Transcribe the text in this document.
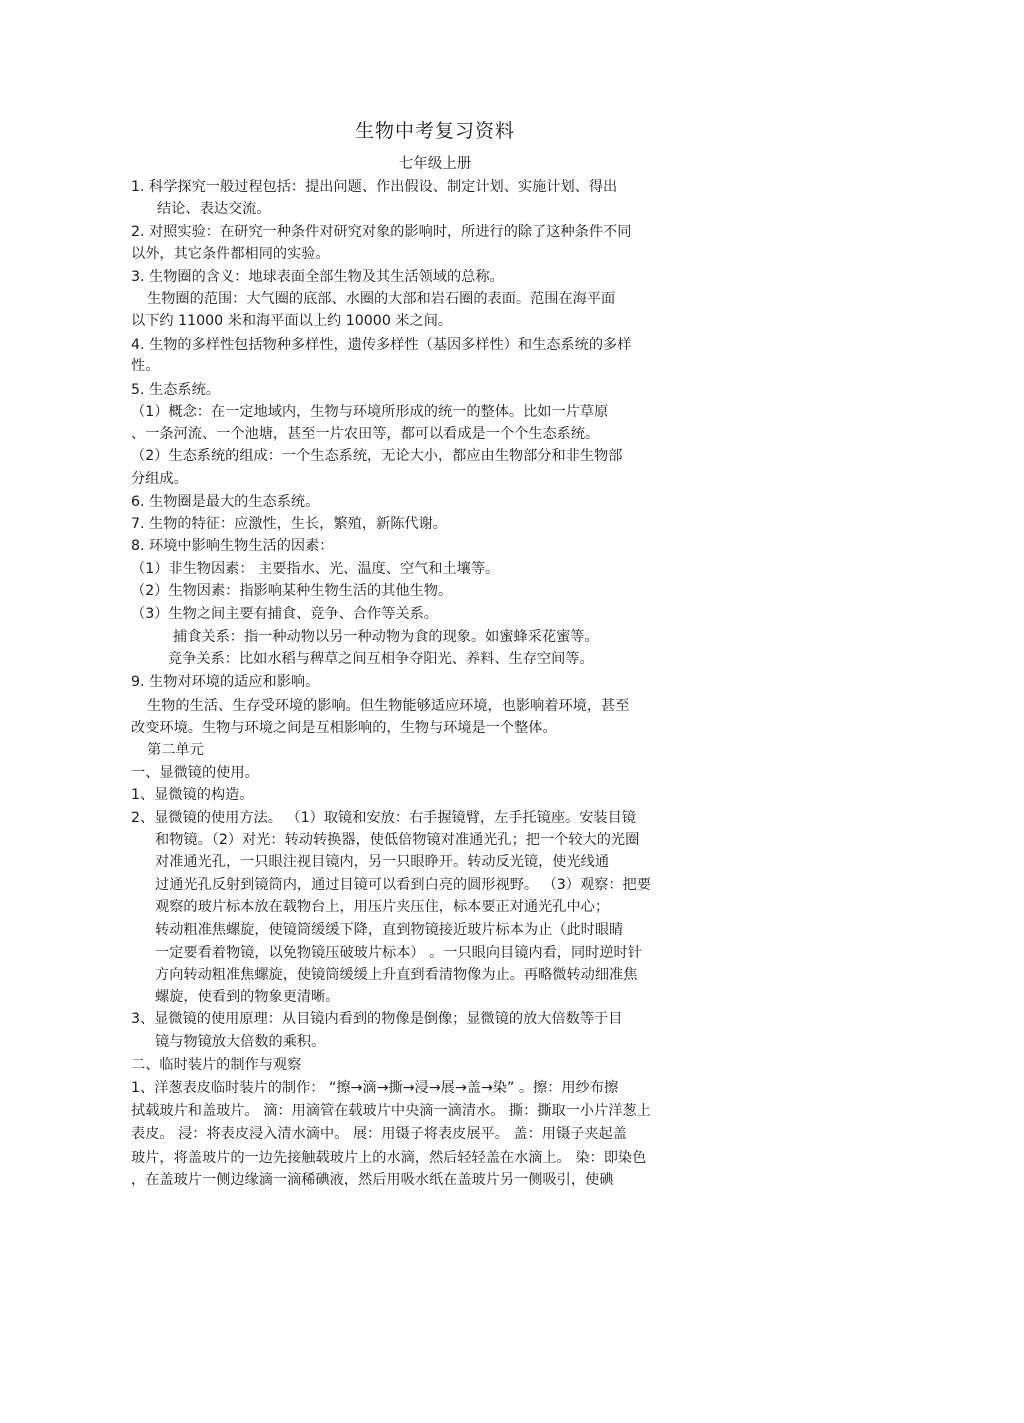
生物中考复习资料
七年级上册
1. 科学探究一般过程包括：提出问题、作出假设、制定计划、实施计划、得出
结论、表达交流。
2. 对照实验：在研究一种条件对研究对象的影响时，所进行的除了这种条件不同
以外，其它条件都相同的实验。
3. 生物圈的含义：地球表面全部生物及其生活领域的总称。
生物圈的范围：大气圈的底部、水圈的大部和岩石圈的表面。范围在海平面
以下约 11000 米和海平面以上约 10000 米之间。
4. 生物的多样性包括物种多样性，遗传多样性（基因多样性）和生态系统的多样
性。
5. 生态系统。
（1）概念：在一定地域内，生物与环境所形成的统一的整体。比如一片草原
、一条河流、一个池塘，甚至一片农田等，都可以看成是一个个生态系统。
（2）生态系统的组成：一个生态系统，无论大小，都应由生物部分和非生物部
分组成。
6. 生物圈是最大的生态系统。
7. 生物的特征：应激性，生长，繁殖，新陈代谢。
8. 环境中影响生物生活的因素：
（1）非生物因素： 主要指水、光、温度、空气和土壤等。
（2）生物因素：指影响某种生物生活的其他生物。
（3）生物之间主要有捕食、竞争、合作等关系。
捕食关系：指一种动物以另一种动物为食的现象。如蜜蜂采花蜜等。
竞争关系：比如水稻与稗草之间互相争夺阳光、养料、生存空间等。
9. 生物对环境的适应和影响。
生物的生活、生存受环境的影响。但生物能够适应环境，也影响着环境，甚至
改变环境。生物与环境之间是互相影响的，生物与环境是一个整体。
第二单元
一、显微镜的使用。
1、显微镜的构造。
2、显微镜的使用方法。 （1）取镜和安放：右手握镜臂，左手托镜座。安装目镜
和物镜。（2）对光：转动转换器，使低倍物镜对准通光孔；把一个较大的光圈
对准通光孔，一只眼注视目镜内，另一只眼睁开。转动反光镜，使光线通
过通光孔反射到镜筒内，通过目镜可以看到白亮的圆形视野。 （3）观察：把要
观察的玻片标本放在载物台上，用压片夹压住，标本要正对通光孔中心；
转动粗准焦螺旋，使镜筒缓缓下降，直到物镜接近玻片标本为止（此时眼睛
一定要看着物镜，以免物镜压破玻片标本） 。一只眼向目镜内看，同时逆时针
方向转动粗准焦螺旋，使镜筒缓缓上升直到看清物像为止。再略微转动细准焦
螺旋，使看到的物象更清晰。
3、显微镜的使用原理：从目镜内看到的物像是倒像；显微镜的放大倍数等于目
镜与物镜放大倍数的乘积。
二、临时装片的制作与观察
1、洋葱表皮临时装片的制作： “擦→滴→撕→浸→展→盖→染” 。擦：用纱布擦
拭载玻片和盖玻片。 滴：用滴管在载玻片中央滴一滴清水。 撕：撕取一小片洋葱上
表皮。 浸：将表皮浸入清水滴中。 展：用镊子将表皮展平。 盖：用镊子夹起盖
玻片，将盖玻片的一边先接触载玻片上的水滴，然后轻轻盖在水滴上。 染：即染色
，在盖玻片一侧边缘滴一滴稀碘液，然后用吸水纸在盖玻片另一侧吸引，使碘
